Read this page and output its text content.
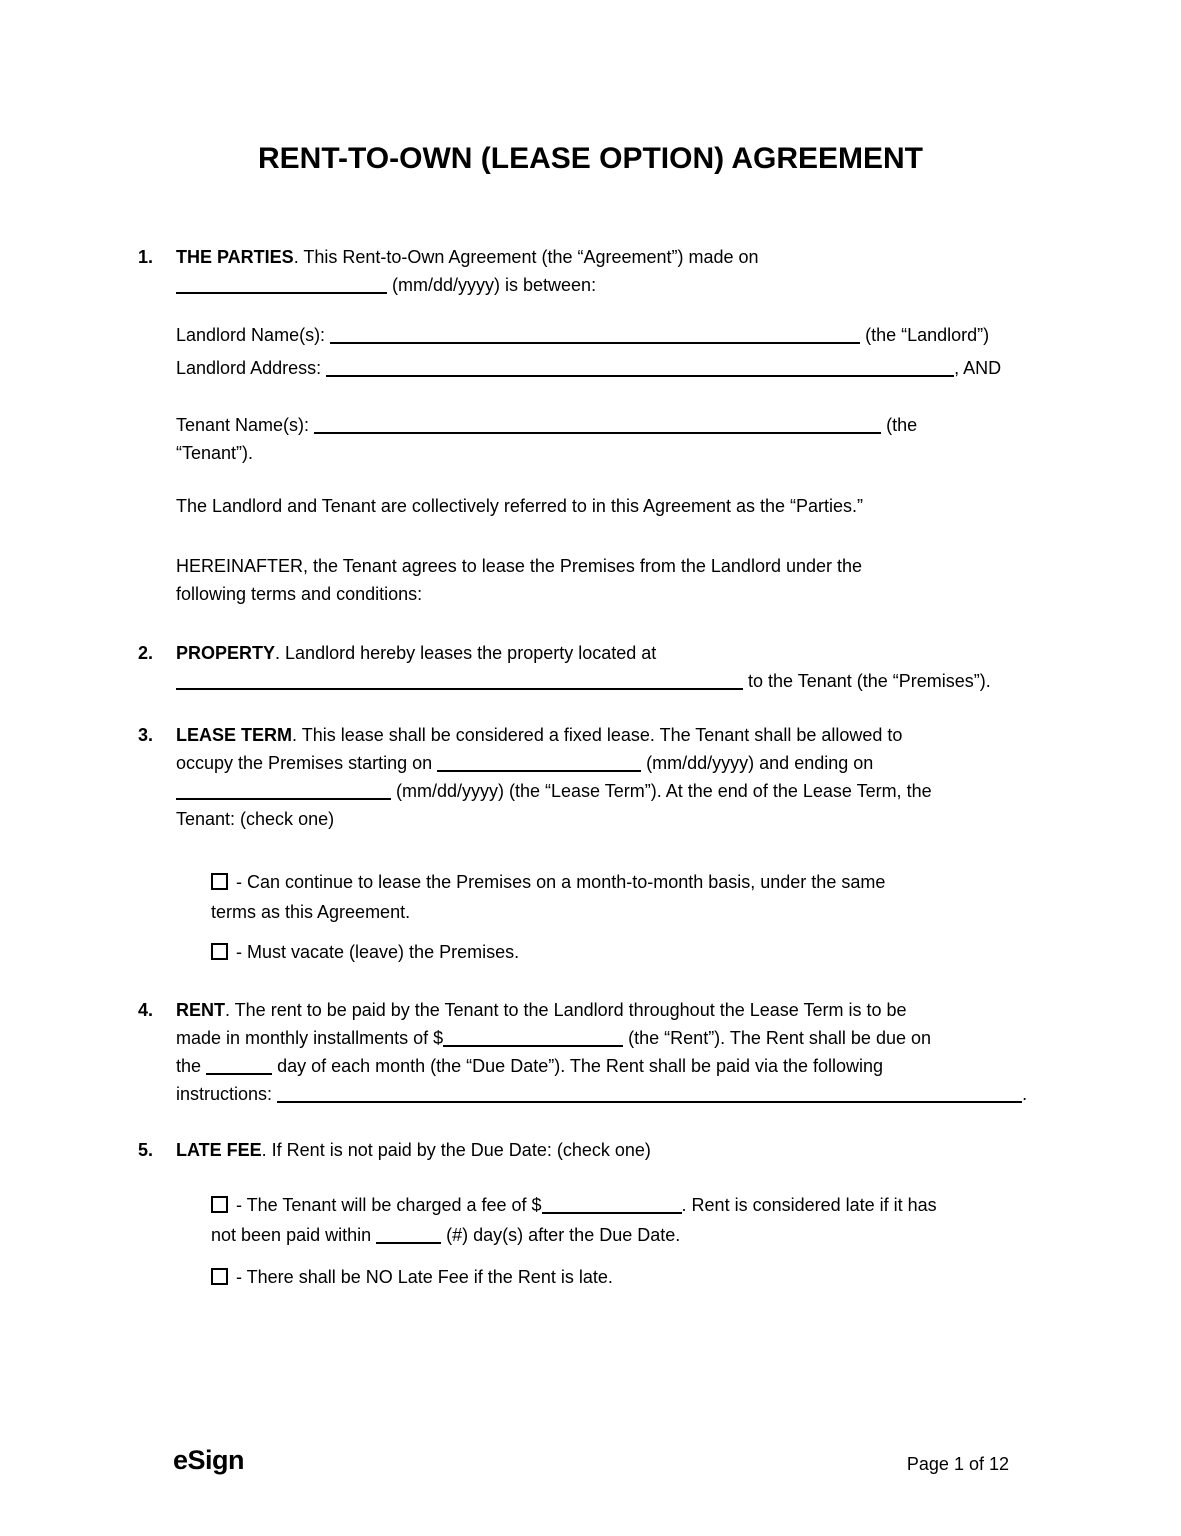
RENT-TO-OWN (LEASE OPTION) AGREEMENT
1.	THE PARTIES. This Rent-to-Own Agreement (the “Agreement”) made on
(mm/dd/yyyy) is between:
Landlord Name(s):	(the “Landlord”)
Landlord Address:	, AND
Tenant Name(s):	(the
“Tenant”).
The Landlord and Tenant are collectively referred to in this Agreement as the “Parties.”
HEREINAFTER, the Tenant agrees to lease the Premises from the Landlord under the
following terms and conditions:
2.	PROPERTY. Landlord hereby leases the property located at
to the Tenant (the “Premises”).
3.	LEASE TERM. This lease shall be considered a fixed lease. The Tenant shall be allowed to
occupy the Premises starting on	(mm/dd/yyyy) and ending on
(mm/dd/yyyy) (the “Lease Term”). At the end of the Lease Term, the
Tenant: (check one)
- Can continue to lease the Premises on a month-to-month basis, under the same
terms as this Agreement.
- Must vacate (leave) the Premises.
4.	RENT. The rent to be paid by the Tenant to the Landlord throughout the Lease Term is to be
made in monthly installments of $	(the “Rent”). The Rent shall be due on
the	day of each month (the “Due Date”). The Rent shall be paid via the following
instructions:	.
5.	LATE FEE. If Rent is not paid by the Due Date: (check one)
- The Tenant will be charged a fee of $	. Rent is considered late if it has
not been paid within	(#) day(s) after the Due Date.
- There shall be NO Late Fee if the Rent is late.
eSign	Page 1 of 12
